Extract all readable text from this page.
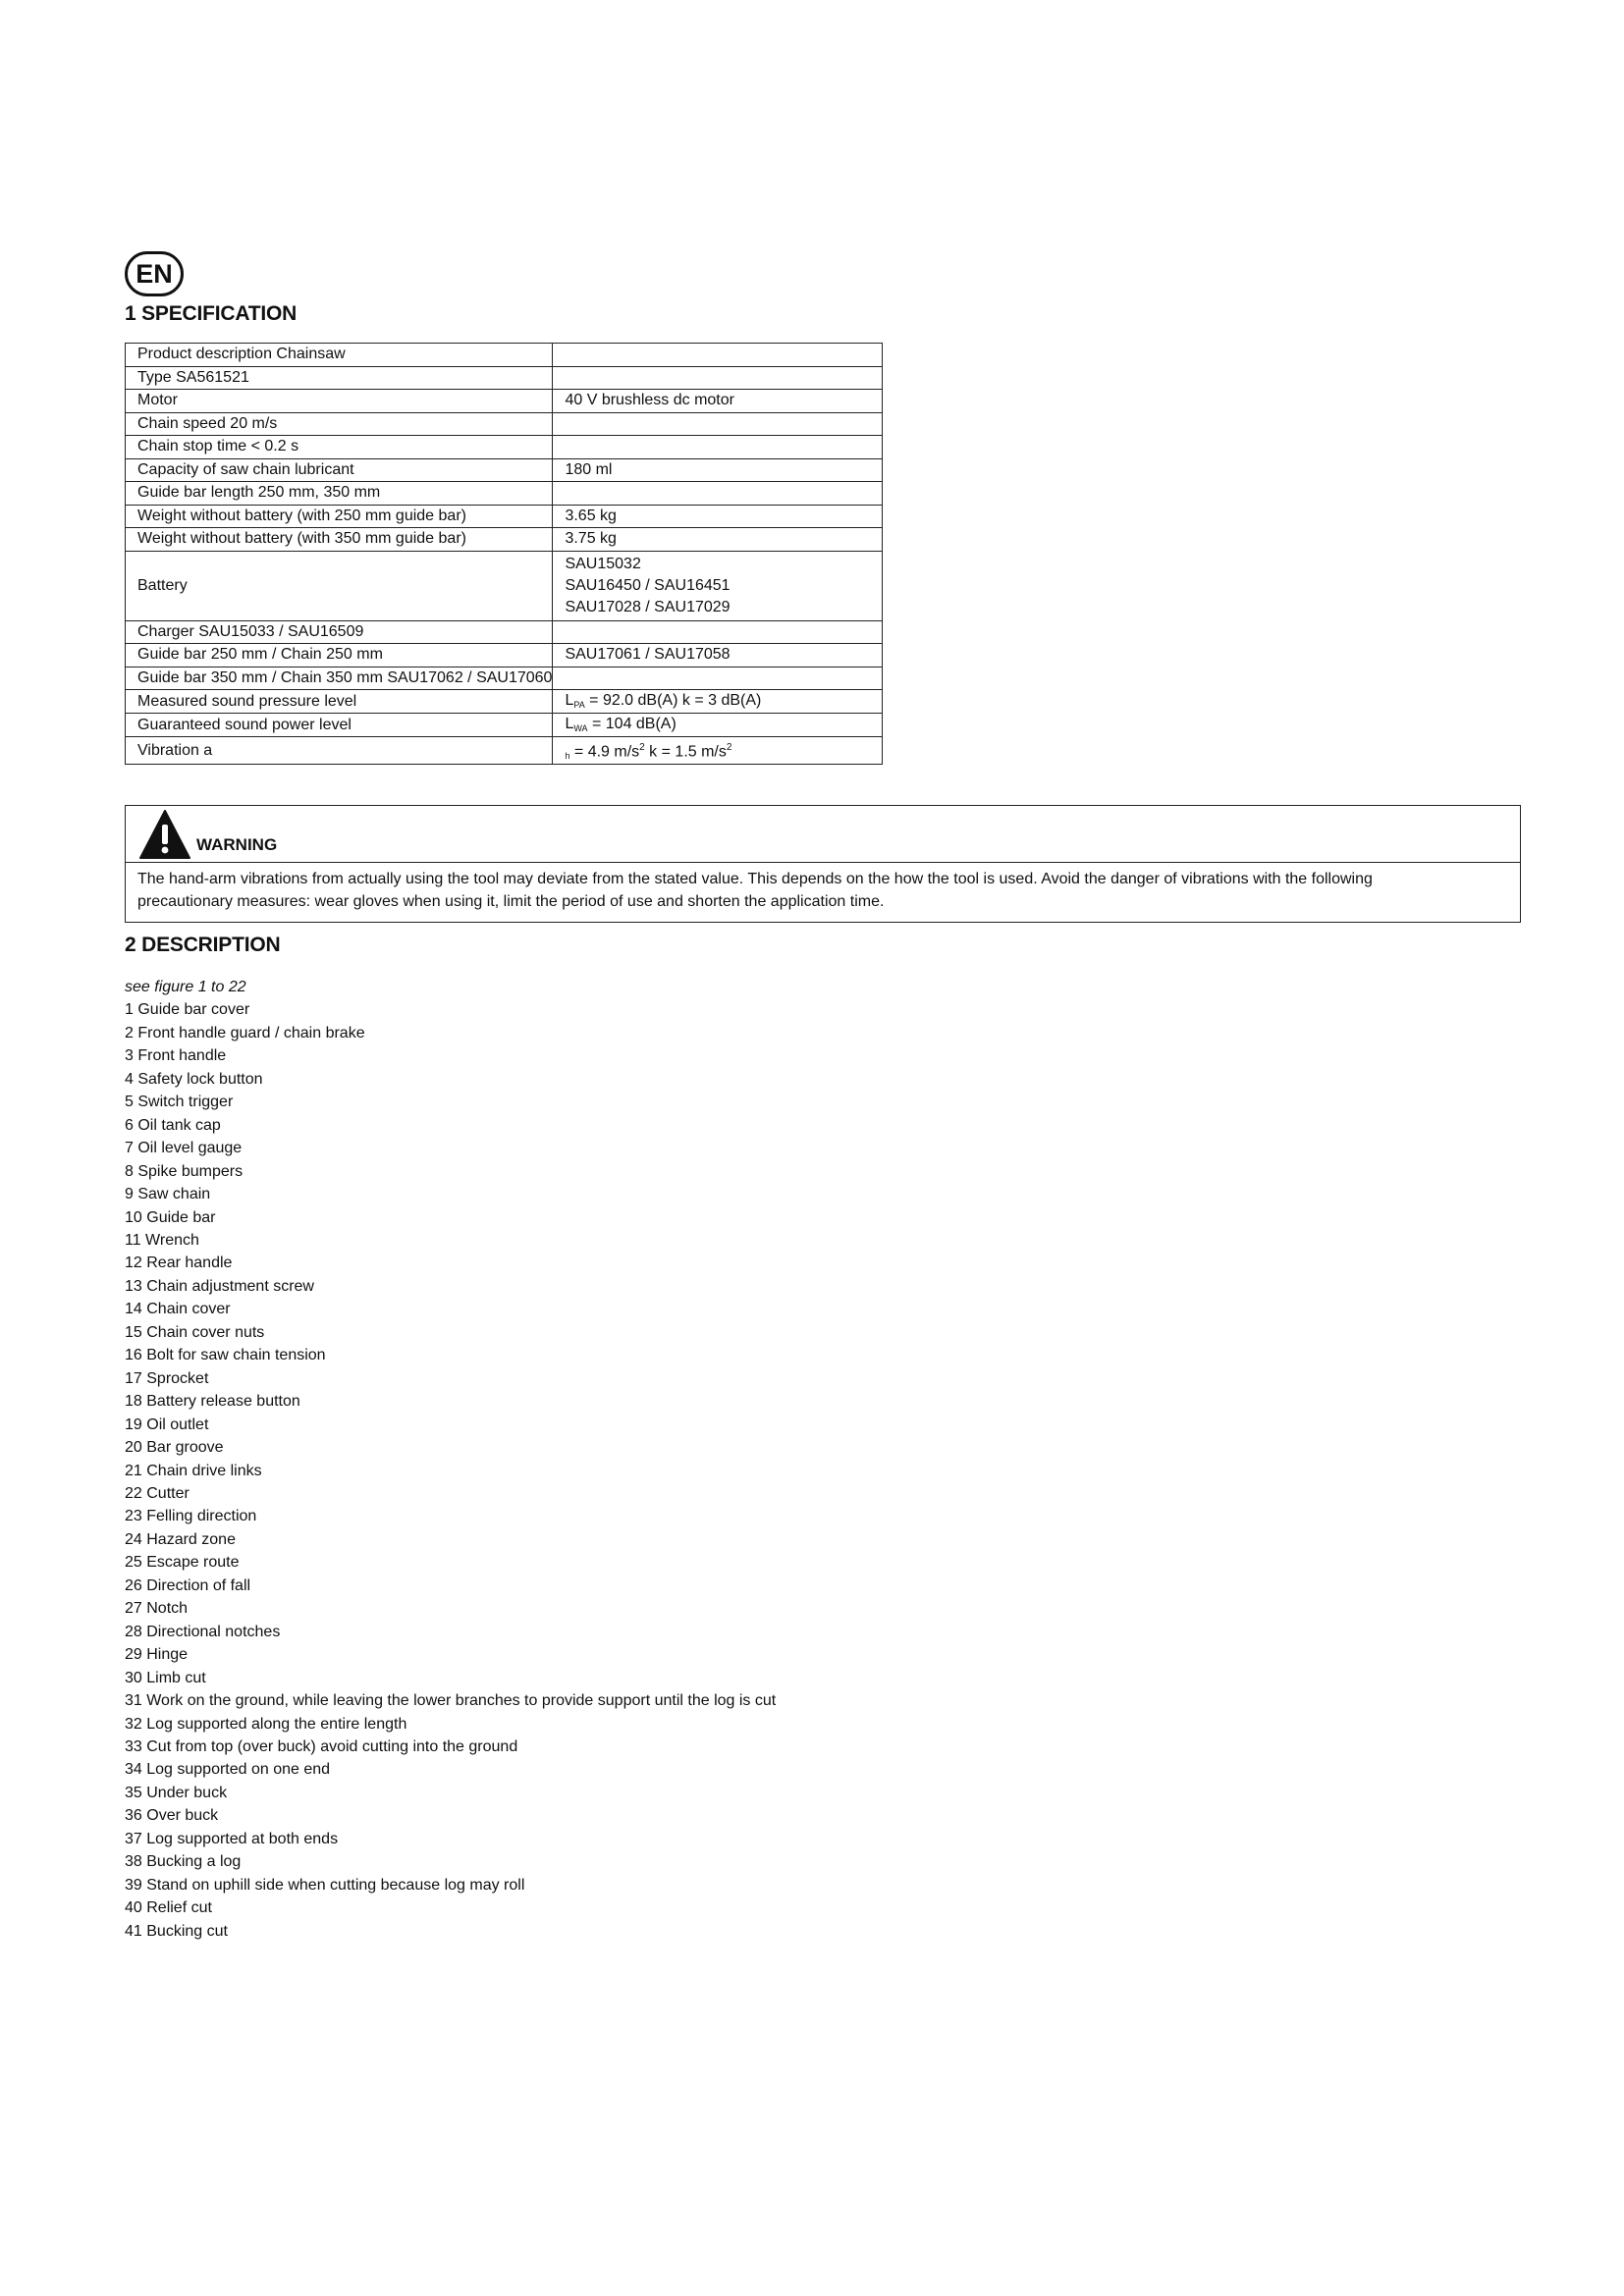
EN
1 SPECIFICATION
Product description Chainsaw	
Type SA561521	
Motor	40 V brushless dc motor
Chain speed 20 m/s	
Chain stop time < 0.2 s	
Capacity of saw chain lubricant	180 ml
Guide bar length 250 mm, 350 mm	
Weight without battery (with 250 mm guide bar)	3.65 kg
Weight without battery (with 350 mm guide bar)	3.75 kg
Battery	SAU15032
SAU16450 / SAU16451
SAU17028 / SAU17029

Charger SAU15033 / SAU16509	
Guide bar 250 mm / Chain 250 mm	SAU17061 / SAU17058
Guide bar 350 mm / Chain 350 mm SAU17062 / SAU17060	
Measured sound pressure level	$L_{PA} = 92.0$ dB(A) k = 3 dB(A)
Guaranteed sound power level	$L_{WA} = 104$ dB(A)
Vibration a	$_h$ = 4.9 $m/s^2$ k = 1.5 $m/s^2$
WARNING
The hand-arm vibrations from actually using the tool may deviate from the stated value. This depends on the how the tool is used. Avoid the danger of vibrations with the following precautionary measures: wear gloves when using it, limit the period of use and shorten the application time.
2 DESCRIPTION
see figure 1 to 22
1 Guide bar cover
2 Front handle guard / chain brake
3 Front handle
4 Safety lock button
5 Switch trigger
6 Oil tank cap
7 Oil level gauge
8 Spike bumpers
9 Saw chain
10 Guide bar
11 Wrench
12 Rear handle
13 Chain adjustment screw
14 Chain cover
15 Chain cover nuts
16 Bolt for saw chain tension
17 Sprocket
18 Battery release button
19 Oil outlet
20 Bar groove
21 Chain drive links
22 Cutter
23 Felling direction
24 Hazard zone
25 Escape route
26 Direction of fall
27 Notch
28 Directional notches
29 Hinge
30 Limb cut
31 Work on the ground, while leaving the lower branches to provide support until the log is cut
32 Log supported along the entire length
33 Cut from top (over buck) avoid cutting into the ground
34 Log supported on one end
35 Under buck
36 Over buck
37 Log supported at both ends
38 Bucking a log
39 Stand on uphill side when cutting because log may roll
40 Relief cut
41 Bucking cut
